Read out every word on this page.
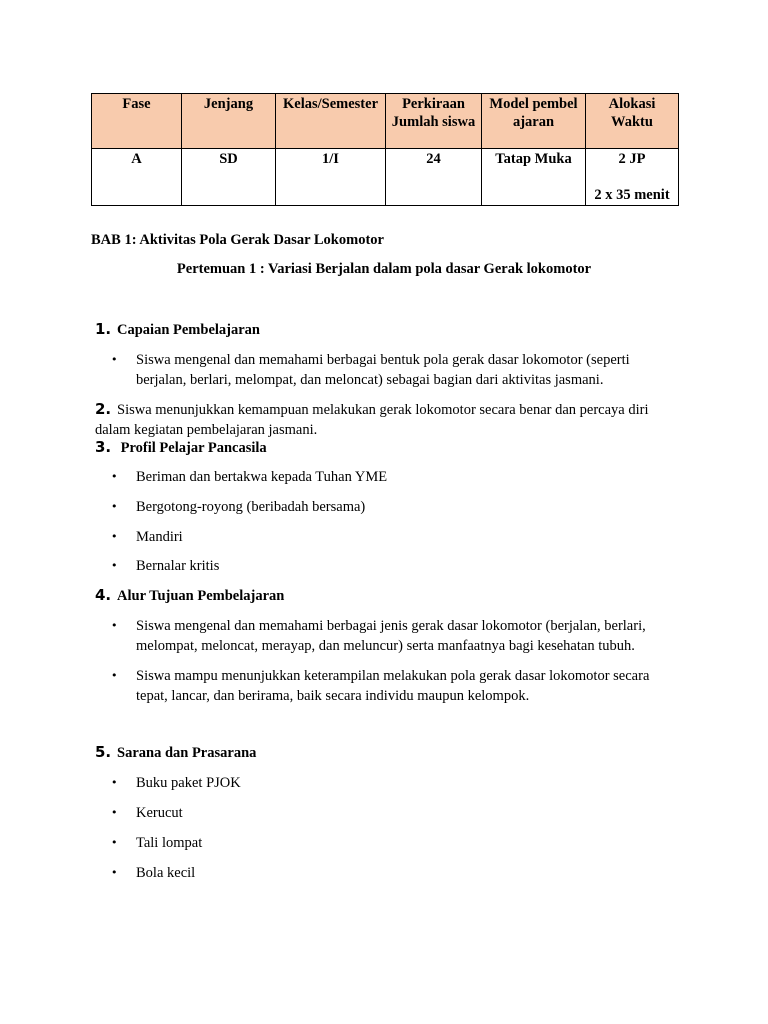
Fase	Jenjang	Kelas/Semester	Perkiraan Jumlah siswa	Model pembelajaran	Alokasi Waktu
A	SD	1/I	24	Tatap Muka	2 JP
2 x 35 menit
BAB 1: Aktivitas Pola Gerak Dasar Lokomotor
Pertemuan 1 : Variasi Berjalan dalam pola dasar Gerak lokomotor
1. Capaian Pembelajaran
• Siswa mengenal dan memahami berbagai bentuk pola gerak dasar lokomotor (seperti berjalan, berlari, melompat, dan meloncat) sebagai bagian dari aktivitas jasmani.
2. Siswa menunjukkan kemampuan melakukan gerak lokomotor secara benar dan percaya diri dalam kegiatan pembelajaran jasmani.
3. Profil Pelajar Pancasila
• Beriman dan bertakwa kepada Tuhan YME
• Bergotong-royong (beribadah bersama)
• Mandiri
• Bernalar kritis
4. Alur Tujuan Pembelajaran
• Siswa mengenal dan memahami berbagai jenis gerak dasar lokomotor (berjalan, berlari, melompat, meloncat, merayap, dan meluncur) serta manfaatnya bagi kesehatan tubuh.
• Siswa mampu menunjukkan keterampilan melakukan pola gerak dasar lokomotor secara tepat, lancar, dan berirama, baik secara individu maupun kelompok.
5. Sarana dan Prasarana
• Buku paket PJOK
• Kerucut
• Tali lompat
• Bola kecil
